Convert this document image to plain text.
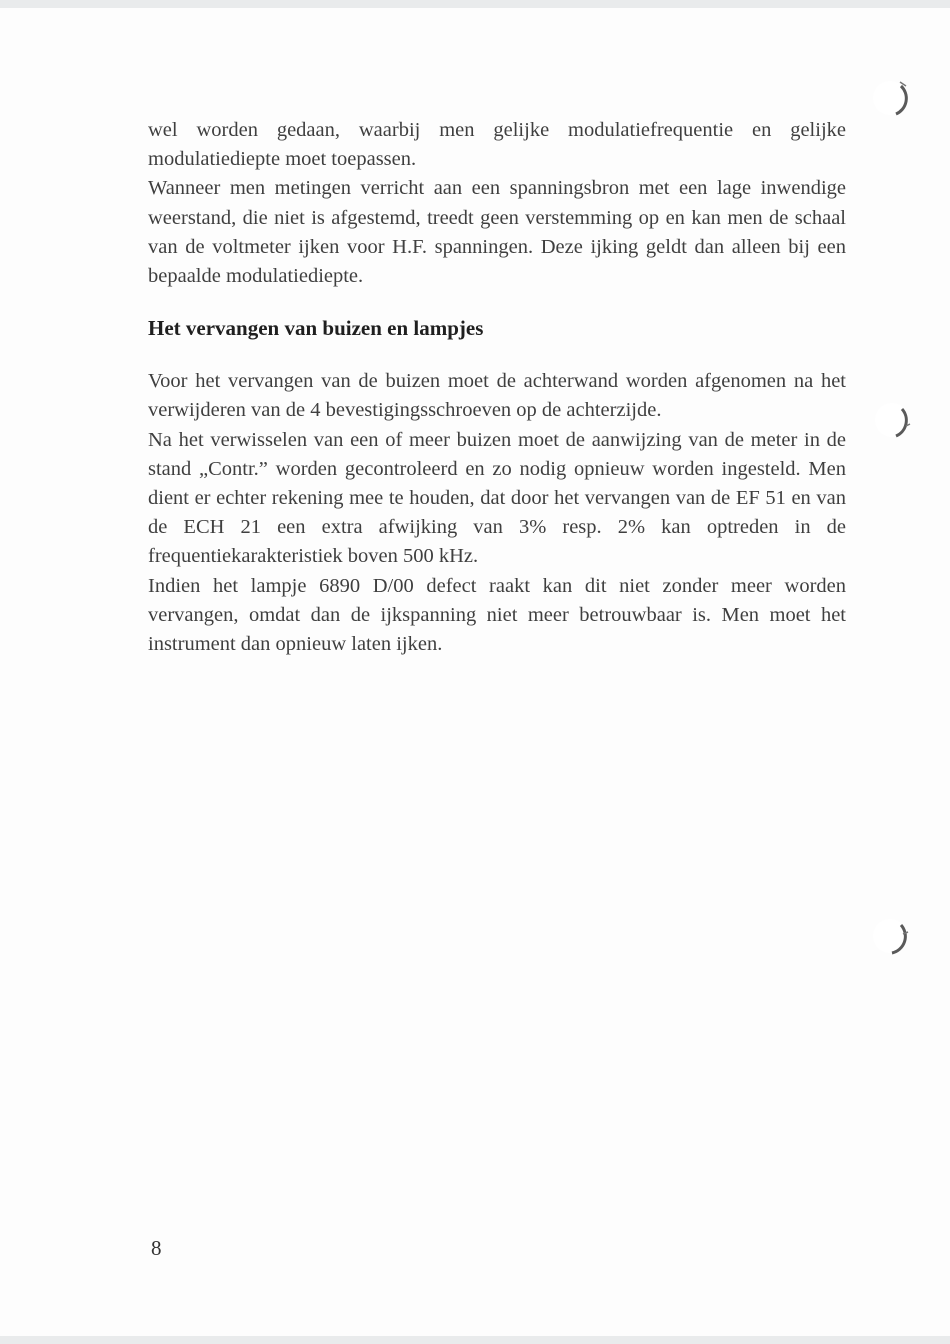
wel worden gedaan, waarbij men gelijke modulatiefrequentie en gelijke modulatiediepte moet toepassen.

Wanneer men metingen verricht aan een spanningsbron met een lage inwendige weerstand, die niet is afgestemd, treedt geen verstemming op en kan men de schaal van de voltmeter ijken voor H.F. spanningen. Deze ijking geldt dan alleen bij een bepaalde modulatiediepte.

Het vervangen van buizen en lampjes

Voor het vervangen van de buizen moet de achterwand worden afgenomen na het verwijderen van de 4 bevestigingsschroeven op de achterzijde.

Na het verwisselen van een of meer buizen moet de aanwijzing van de meter in de stand „Contr.” worden gecontroleerd en zo nodig opnieuw worden ingesteld. Men dient er echter rekening mee te houden, dat door het vervangen van de EF 51 en van de ECH 21 een extra afwijking van 3% resp. 2% kan optreden in de frequentiekarakteristiek boven 500 kHz.

Indien het lampje 6890 D/00 defect raakt kan dit niet zonder meer worden vervangen, omdat dan de ijkspanning niet meer betrouwbaar is. Men moet het instrument dan opnieuw laten ijken.

8
